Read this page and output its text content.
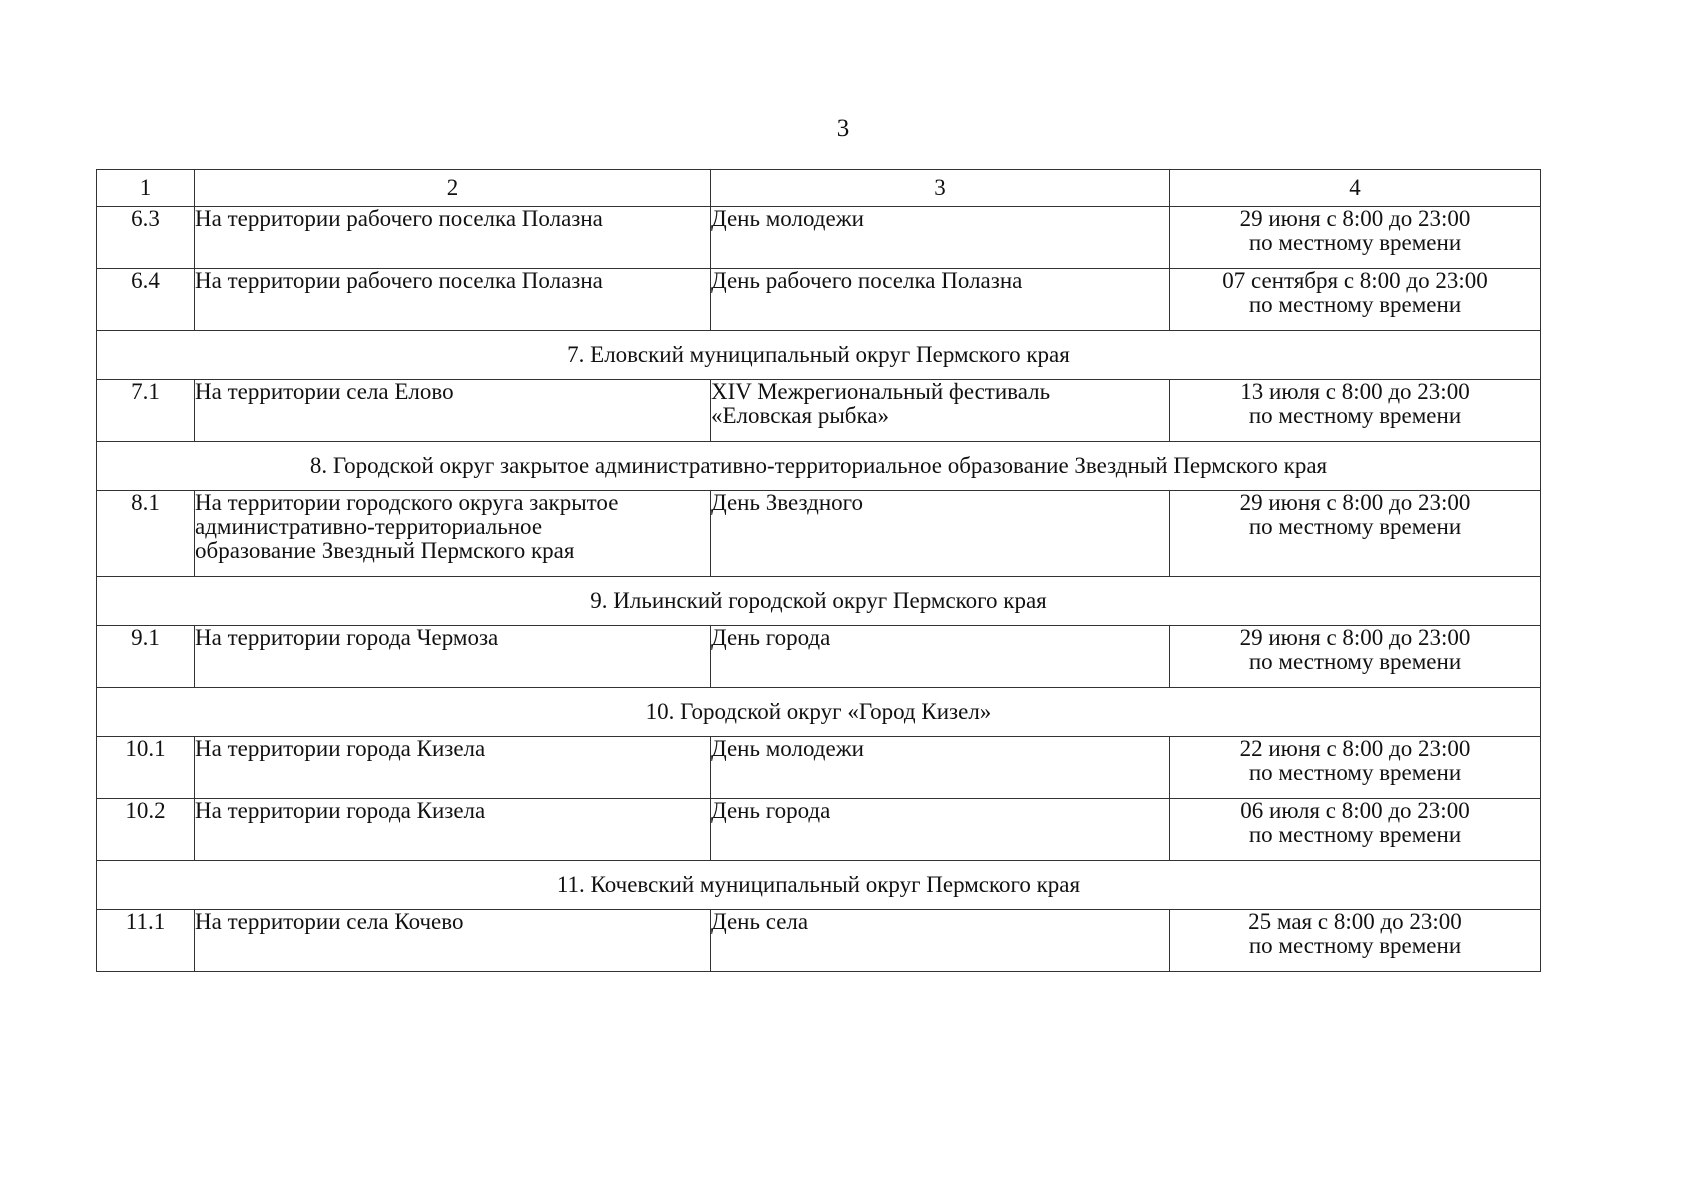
3
1	2	3	4
6.3	На территории рабочего поселка Полазна	День молодежи	29 июня с 8:00 до 23:00
по местному времени

6.4	На территории рабочего поселка Полазна	День рабочего поселка Полазна	07 сентября с 8:00 до 23:00
по местному времени

7. Еловский муниципальный округ Пермского края			
7.1	На территории села Елово	XIV Межрегиональный фестиваль
«Еловская рыбка»	13 июля с 8:00 до 23:00
по местному времени

8. Городской округ закрытое административно-территориальное образование Звездный Пермского края			
8.1	На территории городского округа закрытое
административно-территориальное
образование Звездный Пермского края	День Звездного	29 июня с 8:00 до 23:00
по местному времени

9. Ильинский городской округ Пермского края			
9.1	На территории города Чермоза	День города	29 июня с 8:00 до 23:00
по местному времени

10. Городской округ «Город Кизел»			
10.1	На территории города Кизела	День молодежи	22 июня с 8:00 до 23:00
по местному времени

10.2	На территории города Кизела	День города	06 июля с 8:00 до 23:00
по местному времени

11. Кочевский муниципальный округ Пермского края			
11.1	На территории села Кочево	День села	25 мая с 8:00 до 23:00
по местному времени
